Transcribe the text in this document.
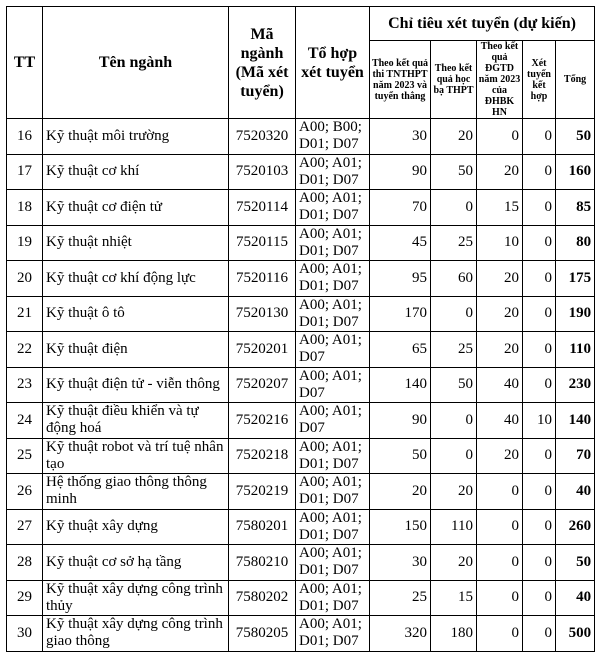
TT	Tên ngành	Mã ngành (Mã xét tuyển)	Tổ hợp xét tuyển	Chỉ tiêu xét tuyển (dự kiến)				
				Theo kết quả thi TNTHPT năm 2023 và tuyển thẳng	Theo kết quả học bạ THPT	Theo kết quả ĐGTD năm 2023 của ĐHBK HN	Xét tuyển kết hợp	Tổng
16	Kỹ thuật môi trường	7520320	A00; B00; D01; D07	30	20	0	0	50
17	Kỹ thuật cơ khí	7520103	A00; A01; D01; D07	90	50	20	0	160
18	Kỹ thuật cơ điện tử	7520114	A00; A01; D01; D07	70	0	15	0	85
19	Kỹ thuật nhiệt	7520115	A00; A01; D01; D07	45	25	10	0	80
20	Kỹ thuật cơ khí động lực	7520116	A00; A01; D01; D07	95	60	20	0	175
21	Kỹ thuật ô tô	7520130	A00; A01; D01; D07	170	0	20	0	190
22	Kỹ thuật điện	7520201	A00; A01; D07	65	25	20	0	110
23	Kỹ thuật điện tử - viễn thông	7520207	A00; A01; D07	140	50	40	0	230
24	Kỹ thuật điều khiển và tự động hoá	7520216	A00; A01; D07	90	0	40	10	140
25	Kỹ thuật robot và trí tuệ nhân tạo	7520218	A00; A01; D01; D07	50	0	20	0	70
26	Hệ thống giao thông thông minh	7520219	A00; A01; D01; D07	20	20	0	0	40
27	Kỹ thuật xây dựng	7580201	A00; A01; D01; D07	150	110	0	0	260
28	Kỹ thuật cơ sở hạ tầng	7580210	A00; A01; D01; D07	30	20	0	0	50
29	Kỹ thuật xây dựng công trình thủy	7580202	A00; A01; D01; D07	25	15	0	0	40
30	Kỹ thuật xây dựng công trình giao thông	7580205	A00; A01; D01; D07	320	180	0	0	500
